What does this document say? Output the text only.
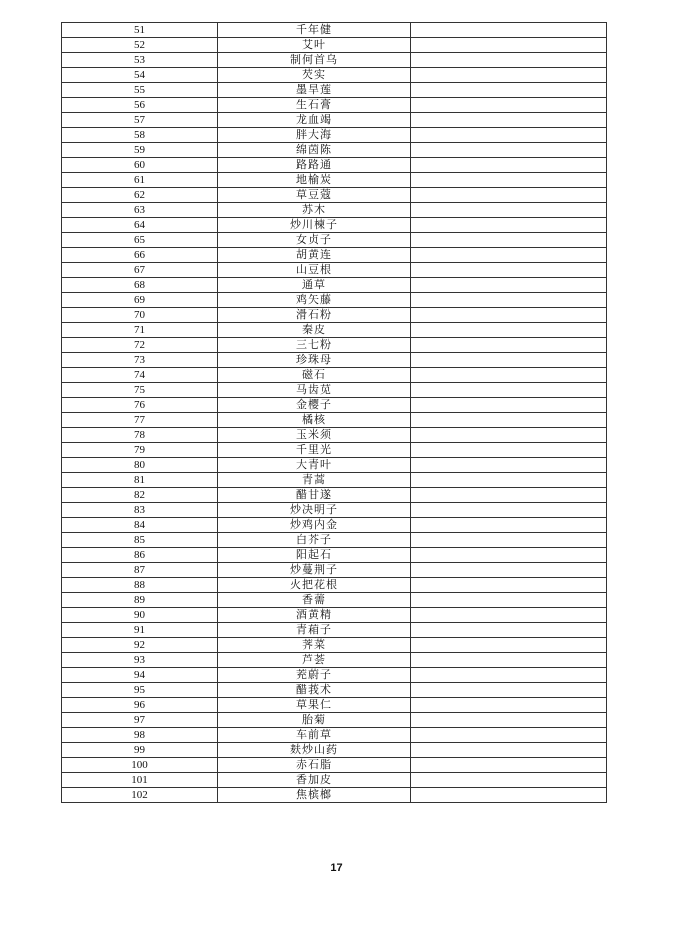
51	千年健	
52	艾叶	
53	制何首乌	
54	芡实	
55	墨旱莲	
56	生石膏	
57	龙血竭	
58	胖大海	
59	绵茵陈	
60	路路通	
61	地榆炭	
62	草豆蔻	
63	苏木	
64	炒川楝子	
65	女贞子	
66	胡黄连	
67	山豆根	
68	通草	
69	鸡矢藤	
70	滑石粉	
71	秦皮	
72	三七粉	
73	珍珠母	
74	磁石	
75	马齿苋	
76	金樱子	
77	橘核	
78	玉米须	
79	千里光	
80	大青叶	
81	青蒿	
82	醋甘遂	
83	炒决明子	
84	炒鸡内金	
85	白芥子	
86	阳起石	
87	炒蔓荆子	
88	火把花根	
89	香薷	
90	酒黄精	
91	青葙子	
92	荠菜	
93	芦荟	
94	茺蔚子	
95	醋莪术	
96	草果仁	
97	胎菊	
98	车前草	
99	麸炒山药	
100	赤石脂	
101	香加皮	
102	焦槟榔	
17
